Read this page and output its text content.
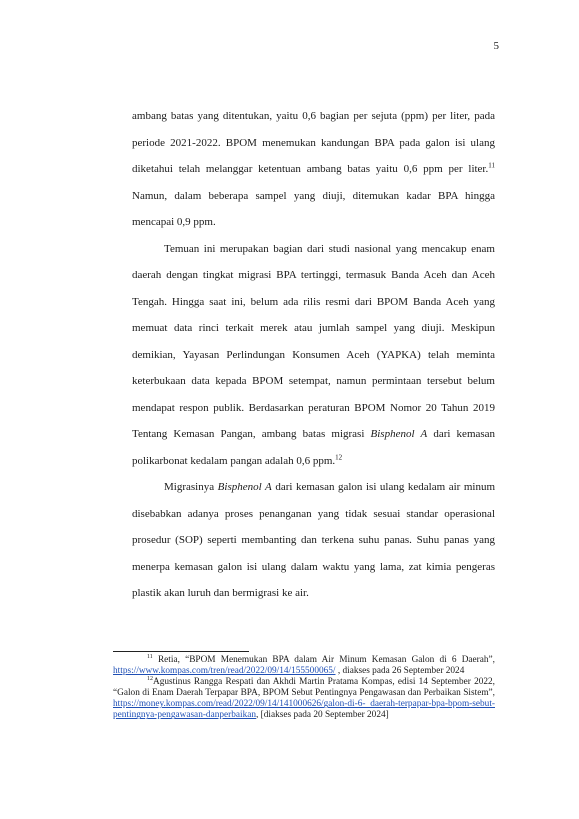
5

ambang batas yang ditentukan, yaitu 0,6 bagian per sejuta (ppm) per liter, pada periode 2021-2022. BPOM menemukan kandungan BPA pada galon isi ulang diketahui telah melanggar ketentuan ambang batas yaitu 0,6 ppm per liter.$^{11}$ Namun, dalam beberapa sampel yang diuji, ditemukan kadar BPA hingga mencapai 0,9 ppm.

Temuan ini merupakan bagian dari studi nasional yang mencakup enam daerah dengan tingkat migrasi BPA tertinggi, termasuk Banda Aceh dan Aceh Tengah. Hingga saat ini, belum ada rilis resmi dari BPOM Banda Aceh yang memuat data rinci terkait merek atau jumlah sampel yang diuji. Meskipun demikian, Yayasan Perlindungan Konsumen Aceh (YAPKA) telah meminta keterbukaan data kepada BPOM setempat, namun permintaan tersebut belum mendapat respon publik. Berdasarkan peraturan BPOM Nomor 20 Tahun 2019 Tentang Kemasan Pangan, ambang batas migrasi Bisphenol A dari kemasan polikarbonat kedalam pangan adalah 0,6 ppm.$^{12}$

Migrasinya Bisphenol A dari kemasan galon isi ulang kedalam air minum disebabkan adanya proses penanganan yang tidak sesuai standar operasional prosedur (SOP) seperti membanting dan terkena suhu panas. Suhu panas yang menerpa kemasan galon isi ulang dalam waktu yang lama, zat kimia pengeras plastik akan luruh dan bermigrasi ke air.

$^{11}$ Retia, “BPOM Menemukan BPA dalam Air Minum Kemasan Galon di 6 Daerah”, https://www.kompas.com/tren/read/2022/09/14/155500065/ , diakses pada 26 September 2024

$^{12}$Agustinus Rangga Respati dan Akhdi Martin Pratama Kompas, edisi 14 September 2022, “Galon di Enam Daerah Terpapar BPA, BPOM Sebut Pentingnya Pengawasan dan Perbaikan Sistem”, https://money.kompas.com/read/2022/09/14/141000626/galon-di-6- daerah-terpapar-bpa-bpom-sebut-pentingnya-pengawasan-danperbaikan, [diakses pada 20 September 2024]
